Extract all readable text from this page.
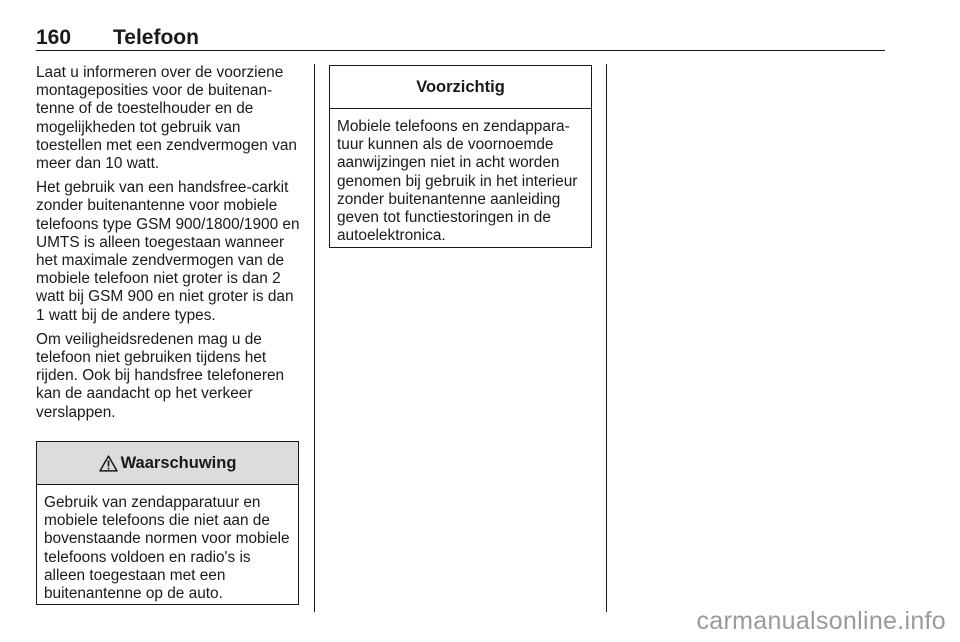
160 Telefoon

Laat u informeren over de voorziene montageposities voor de buitenantenne of de toestelhouder en de mogelijkheden tot gebruik van toestellen met een zendvermogen van meer dan 10 watt.

Het gebruik van een handsfree-carkit zonder buitenantenne voor mobiele telefoons type GSM 900/1800/1900 en UMTS is alleen toegestaan wanneer het maximale zendvermogen van de mobiele telefoon niet groter is dan 2 watt bij GSM 900 en niet groter is dan 1 watt bij de andere types.

Om veiligheidsredenen mag u de telefoon niet gebruiken tijdens het rijden. Ook bij handsfree telefoneren kan de aandacht op het verkeer verslappen.

Waarschuwing
Gebruik van zendapparatuur en mobiele telefoons die niet aan de bovenstaande normen voor mobiele telefoons voldoen en radio's is alleen toegestaan met een buitenantenne op de auto.
Voorzichtig
Mobiele telefoons en zendapparatuur kunnen als de voornoemde aanwijzingen niet in acht worden genomen bij gebruik in het interieur zonder buitenantenne aanleiding geven tot functiestoringen in de autoelektronica.
carmanualsonline.info
